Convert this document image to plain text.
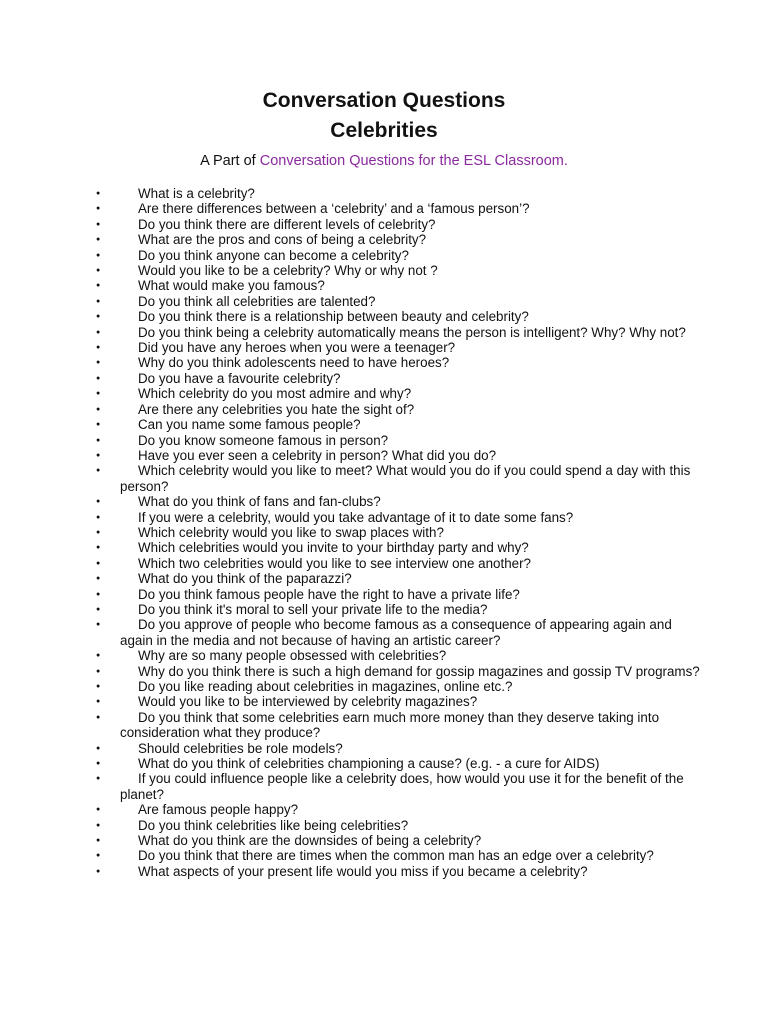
Conversation Questions
Celebrities
A Part of Conversation Questions for the ESL Classroom.
● What is a celebrity?
● Are there differences between a ‘celebrity’ and a ‘famous person’?
● Do you think there are different levels of celebrity?
● What are the pros and cons of being a celebrity?
● Do you think anyone can become a celebrity?
● Would you like to be a celebrity? Why or why not ?
● What would make you famous?
● Do you think all celebrities are talented?
● Do you think there is a relationship between beauty and celebrity?
● Do you think being a celebrity automatically means the person is intelligent? Why? Why not?
● Did you have any heroes when you were a teenager?
● Why do you think adolescents need to have heroes?
● Do you have a favourite celebrity?
● Which celebrity do you most admire and why?
● Are there any celebrities you hate the sight of?
● Can you name some famous people?
● Do you know someone famous in person?
● Have you ever seen a celebrity in person? What did you do?
● Which celebrity would you like to meet? What would you do if you could spend a day with this person?
● What do you think of fans and fan-clubs?
● If you were a celebrity, would you take advantage of it to date some fans?
● Which celebrity would you like to swap places with?
● Which celebrities would you invite to your birthday party and why?
● Which two celebrities would you like to see interview one another?
● What do you think of the paparazzi?
● Do you think famous people have the right to have a private life?
● Do you think it's moral to sell your private life to the media?
● Do you approve of people who become famous as a consequence of appearing again and again in the media and not because of having an artistic career?
● Why are so many people obsessed with celebrities?
● Why do you think there is such a high demand for gossip magazines and gossip TV programs?
● Do you like reading about celebrities in magazines, online etc.?
● Would you like to be interviewed by celebrity magazines?
● Do you think that some celebrities earn much more money than they deserve taking into consideration what they produce?
● Should celebrities be role models?
● What do you think of celebrities championing a cause? (e.g. - a cure for AIDS)
● If you could influence people like a celebrity does, how would you use it for the benefit of the planet?
● Are famous people happy?
● Do you think celebrities like being celebrities?
● What do you think are the downsides of being a celebrity?
● Do you think that there are times when the common man has an edge over a celebrity?
● What aspects of your present life would you miss if you became a celebrity?
